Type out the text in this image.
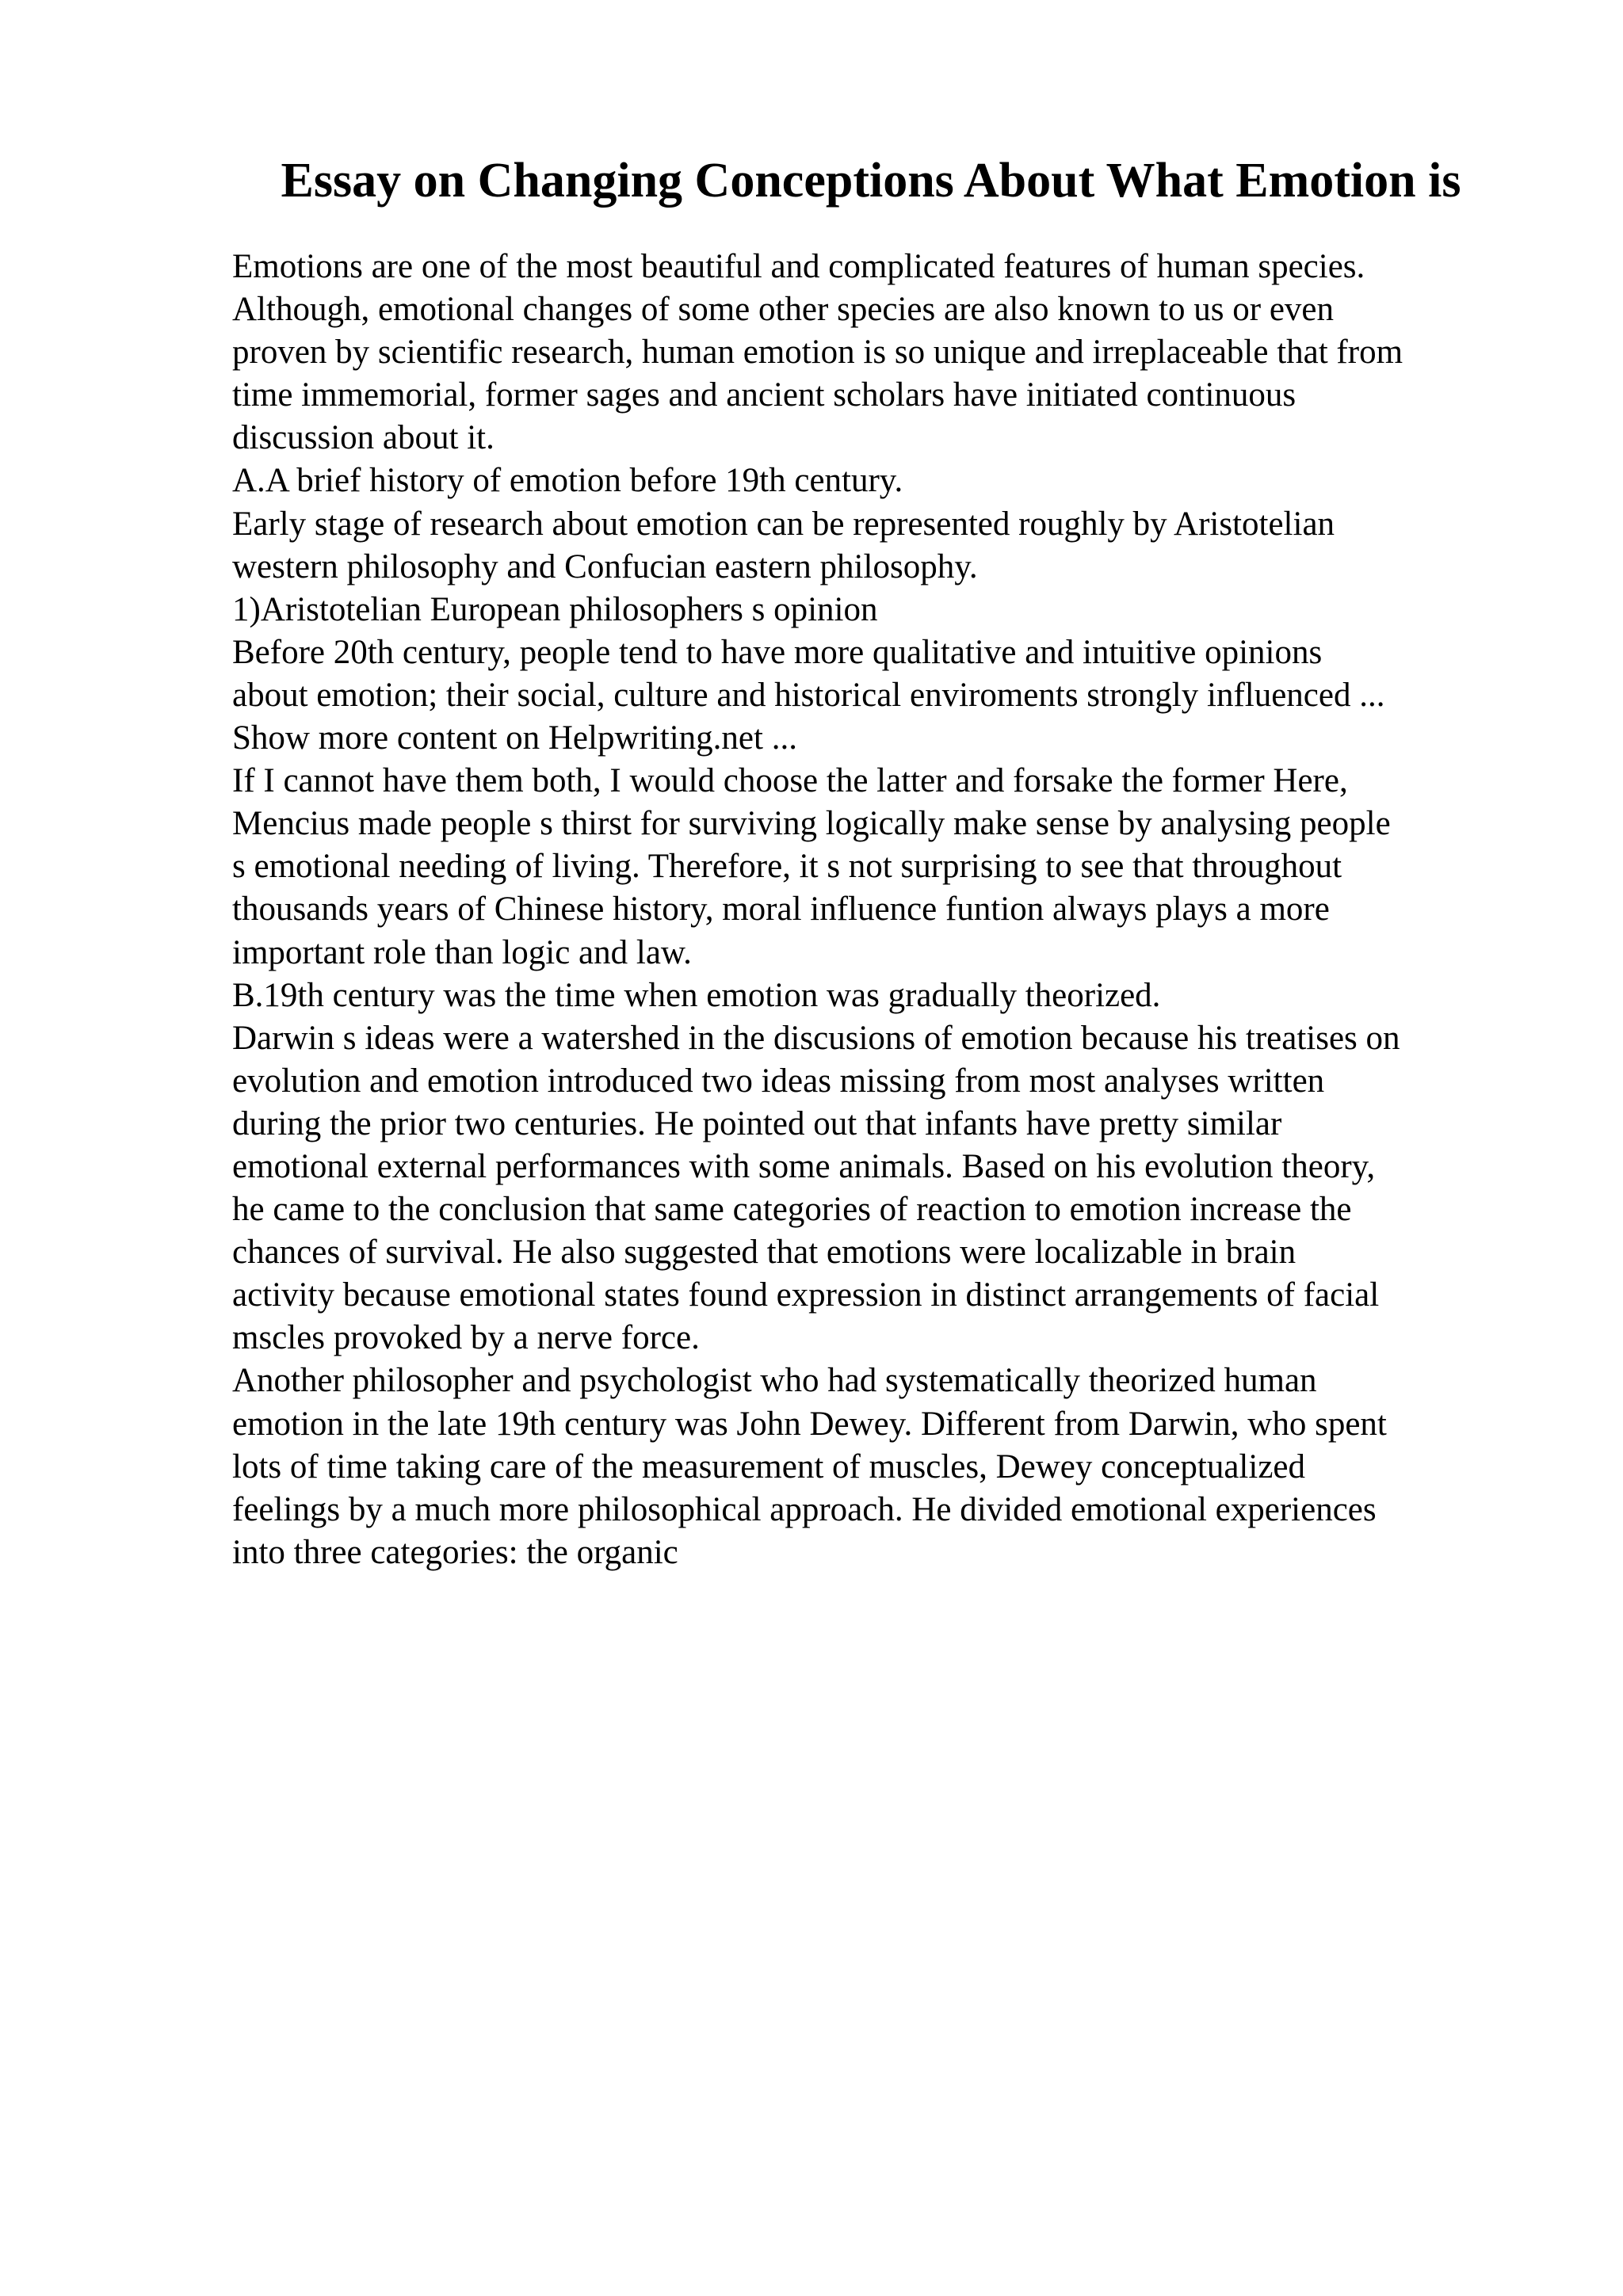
Essay on Changing Conceptions About What Emotion is
Emotions are one of the most beautiful and complicated features of human species.
Although, emotional changes of some other species are also known to us or even
proven by scientific research, human emotion is so unique and irreplaceable that from
time immemorial, former sages and ancient scholars have initiated continuous
discussion about it.
A.A brief history of emotion before 19th century.
Early stage of research about emotion can be represented roughly by Aristotelian
western philosophy and Confucian eastern philosophy.
1)Aristotelian European philosophers s opinion
Before 20th century, people tend to have more qualitative and intuitive opinions
about emotion; their social, culture and historical enviroments strongly influenced ...
Show more content on Helpwriting.net ...
If I cannot have them both, I would choose the latter and forsake the former Here,
Mencius made people s thirst for surviving logically make sense by analysing people
s emotional needing of living. Therefore, it s not surprising to see that throughout
thousands years of Chinese history, moral influence funtion always plays a more
important role than logic and law.
B.19th century was the time when emotion was gradually theorized.
Darwin s ideas were a watershed in the discusions of emotion because his treatises on
evolution and emotion introduced two ideas missing from most analyses written
during the prior two centuries. He pointed out that infants have pretty similar
emotional external performances with some animals. Based on his evolution theory,
he came to the conclusion that same categories of reaction to emotion increase the
chances of survival. He also suggested that emotions were localizable in brain
activity because emotional states found expression in distinct arrangements of facial
mscles provoked by a nerve force.
Another philosopher and psychologist who had systematically theorized human
emotion in the late 19th century was John Dewey. Different from Darwin, who spent
lots of time taking care of the measurement of muscles, Dewey conceptualized
feelings by a much more philosophical approach. He divided emotional experiences
into three categories: the organic
